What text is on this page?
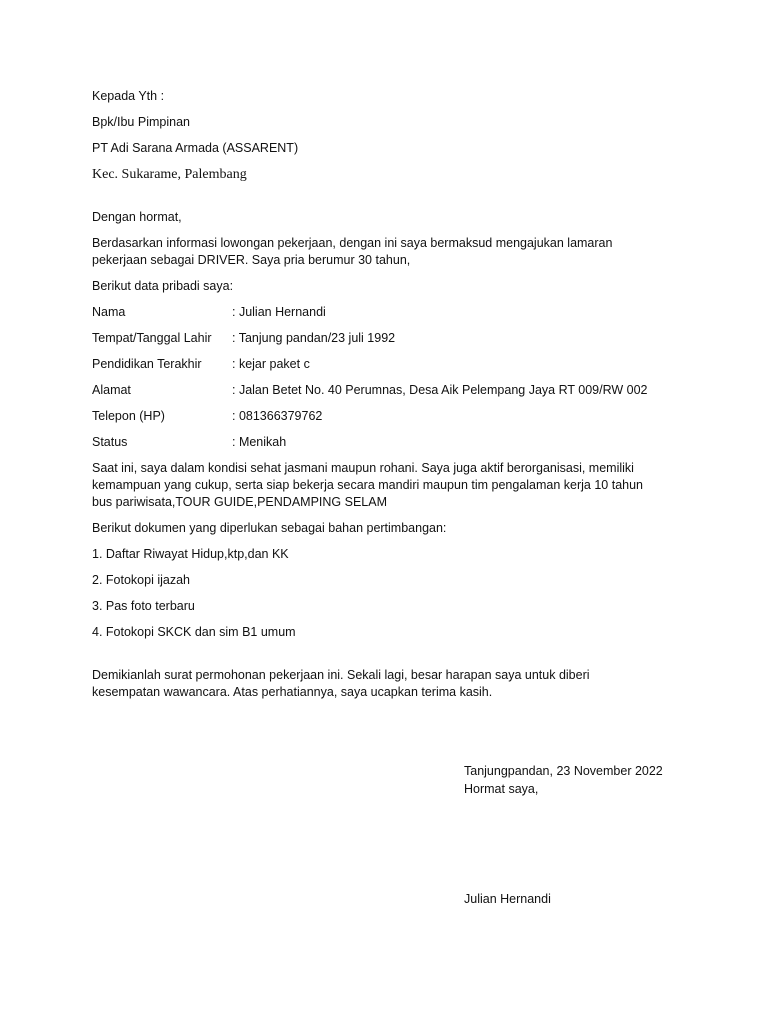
Kepada Yth :
Bpk/Ibu Pimpinan
PT Adi Sarana Armada (ASSARENT)
Kec. Sukarame, Palembang
Dengan hormat,
Berdasarkan informasi lowongan pekerjaan, dengan ini saya bermaksud mengajukan lamaran
pekerjaan sebagai DRIVER. Saya pria berumur 30 tahun,
Berikut data pribadi saya:
Nama	: Julian Hernandi
Tempat/Tanggal Lahir : Tanjung pandan/23 juli 1992
Pendidikan Terakhir : kejar paket c
Alamat	: Jalan Betet No. 40 Perumnas, Desa Aik Pelempang Jaya RT 009/RW 002
Telepon (HP)	: 081366379762
Status	: Menikah
Saat ini, saya dalam kondisi sehat jasmani maupun rohani. Saya juga aktif berorganisasi, memiliki
kemampuan yang cukup, serta siap bekerja secara mandiri maupun tim pengalaman kerja 10 tahun
bus pariwisata,TOUR GUIDE,PENDAMPING SELAM
Berikut dokumen yang diperlukan sebagai bahan pertimbangan:
1. Daftar Riwayat Hidup,ktp,dan KK
2. Fotokopi ijazah
3. Pas foto terbaru
4. Fotokopi SKCK dan sim B1 umum
Demikianlah surat permohonan pekerjaan ini. Sekali lagi, besar harapan saya untuk diberi
kesempatan wawancara. Atas perhatiannya, saya ucapkan terima kasih.
Tanjungpandan, 23 November 2022
Hormat saya,
Julian Hernandi
